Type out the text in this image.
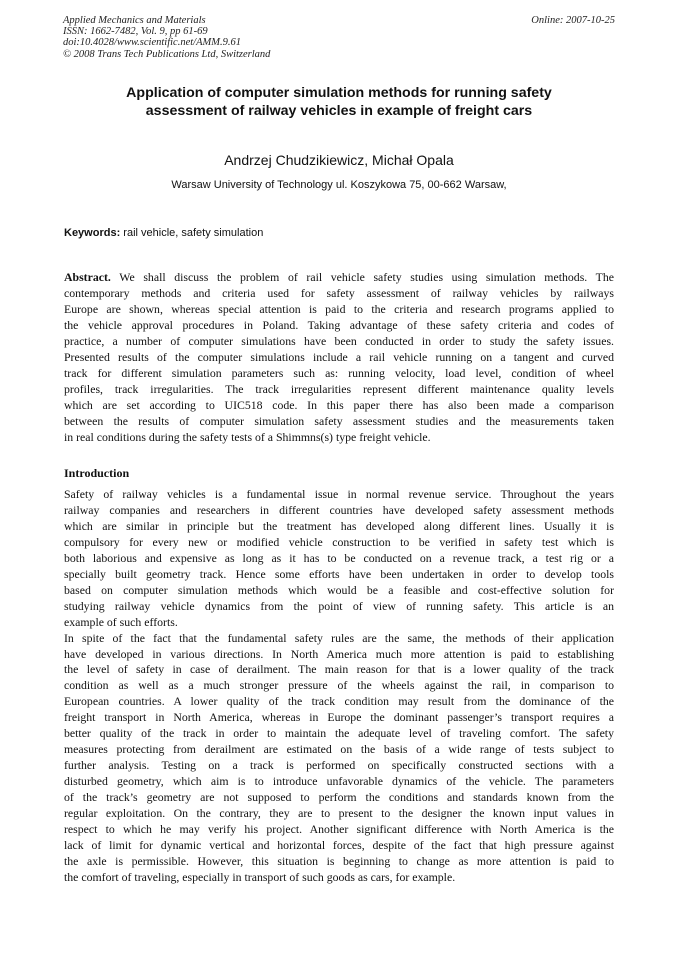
Applied Mechanics and Materials
ISSN: 1662-7482, Vol. 9, pp 61-69
doi:10.4028/www.scientific.net/AMM.9.61
© 2008 Trans Tech Publications Ltd, Switzerland
Online: 2007-10-25
Application of computer simulation methods for running safety
assessment of railway vehicles in example of freight cars
Andrzej Chudzikiewicz, Michał Opala
Warsaw University of Technology ul. Koszykowa 75, 00-662 Warsaw,
Keywords: rail vehicle, safety simulation
Abstract. We shall discuss the problem of rail vehicle safety studies using simulation methods. The
contemporary methods and criteria used for safety assessment of railway vehicles by railways
Europe are shown, whereas special attention is paid to the criteria and research programs applied to
the vehicle approval procedures in Poland. Taking advantage of these safety criteria and codes of
practice, a number of computer simulations have been conducted in order to study the safety issues.
Presented results of the computer simulations include a rail vehicle running on a tangent and curved
track for different simulation parameters such as: running velocity, load level, condition of wheel
profiles, track irregularities. The track irregularities represent different maintenance quality levels
which are set according to UIC518 code. In this paper there has also been made a comparison
between the results of computer simulation safety assessment studies and the measurements taken
in real conditions during the safety tests of a Shimmns(s) type freight vehicle.
Introduction
Safety of railway vehicles is a fundamental issue in normal revenue service. Throughout the years
railway companies and researchers in different countries have developed safety assessment methods
which are similar in principle but the treatment has developed along different lines. Usually it is
compulsory for every new or modified vehicle construction to be verified in safety test which is
both laborious and expensive as long as it has to be conducted on a revenue track, a test rig or a
specially built geometry track. Hence some efforts have been undertaken in order to develop tools
based on computer simulation methods which would be a feasible and cost-effective solution for
studying railway vehicle dynamics from the point of view of running safety. This article is an
example of such efforts.
In spite of the fact that the fundamental safety rules are the same, the methods of their application
have developed in various directions. In North America much more attention is paid to establishing
the level of safety in case of derailment. The main reason for that is a lower quality of the track
condition as well as a much stronger pressure of the wheels against the rail, in comparison to
European countries. A lower quality of the track condition may result from the dominance of the
freight transport in North America, whereas in Europe the dominant passenger’s transport requires a
better quality of the track in order to maintain the adequate level of traveling comfort. The safety
measures protecting from derailment are estimated on the basis of a wide range of tests subject to
further analysis. Testing on a track is performed on specifically constructed sections with a
disturbed geometry, which aim is to introduce unfavorable dynamics of the vehicle. The parameters
of the track’s geometry are not supposed to perform the conditions and standards known from the
regular exploitation. On the contrary, they are to present to the designer the known input values in
respect to which he may verify his project. Another significant difference with North America is the
lack of limit for dynamic vertical and horizontal forces, despite of the fact that high pressure against
the axle is permissible. However, this situation is beginning to change as more attention is paid to
the comfort of traveling, especially in transport of such goods as cars, for example.
